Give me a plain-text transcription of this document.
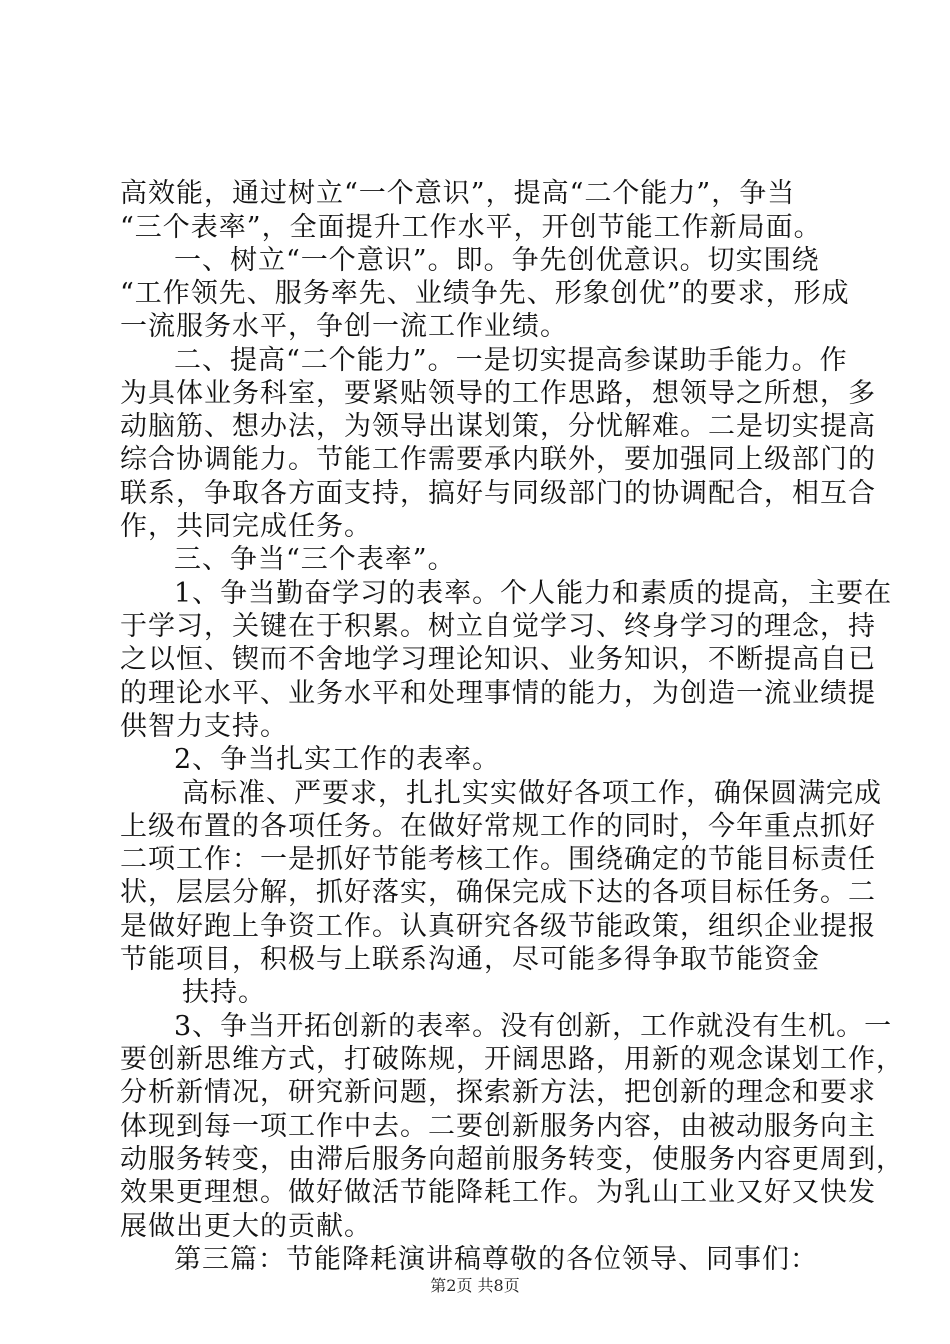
高效能，通过树立“一个意识”，提高“二个能力”，争当
“三个表率”，全面提升工作水平，开创节能工作新局面。
一、树立“一个意识”。即。争先创优意识。切实围绕
“工作领先、服务率先、业绩争先、形象创优”的要求，形成
一流服务水平，争创一流工作业绩。
二、提高“二个能力”。一是切实提高参谋助手能力。作
为具体业务科室，要紧贴领导的工作思路，想领导之所想，多
动脑筋、想办法，为领导出谋划策，分忧解难。二是切实提高
综合协调能力。节能工作需要承内联外，要加强同上级部门的
联系，争取各方面支持，搞好与同级部门的协调配合，相互合
作，共同完成任务。
三、争当“三个表率”。
1、争当勤奋学习的表率。个人能力和素质的提高，主要在
于学习，关键在于积累。树立自觉学习、终身学习的理念，持
之以恒、锲而不舍地学习理论知识、业务知识，不断提高自已
的理论水平、业务水平和处理事情的能力，为创造一流业绩提
供智力支持。
2、争当扎实工作的表率。
高标准、严要求，扎扎实实做好各项工作，确保圆满完成
上级布置的各项任务。在做好常规工作的同时，今年重点抓好
二项工作：一是抓好节能考核工作。围绕确定的节能目标责任
状，层层分解，抓好落实，确保完成下达的各项目标任务。二
是做好跑上争资工作。认真研究各级节能政策，组织企业提报
节能项目，积极与上联系沟通，尽可能多得争取节能资金
扶持。
3、争当开拓创新的表率。没有创新，工作就没有生机。一
要创新思维方式，打破陈规，开阔思路，用新的观念谋划工作，
分析新情况，研究新问题，探索新方法，把创新的理念和要求
体现到每一项工作中去。二要创新服务内容，由被动服务向主
动服务转变，由滞后服务向超前服务转变，使服务内容更周到，
效果更理想。做好做活节能降耗工作。为乳山工业又好又快发
展做出更大的贡献。
第三篇：节能降耗演讲稿尊敬的各位领导、同事们：
第2页 共8页
